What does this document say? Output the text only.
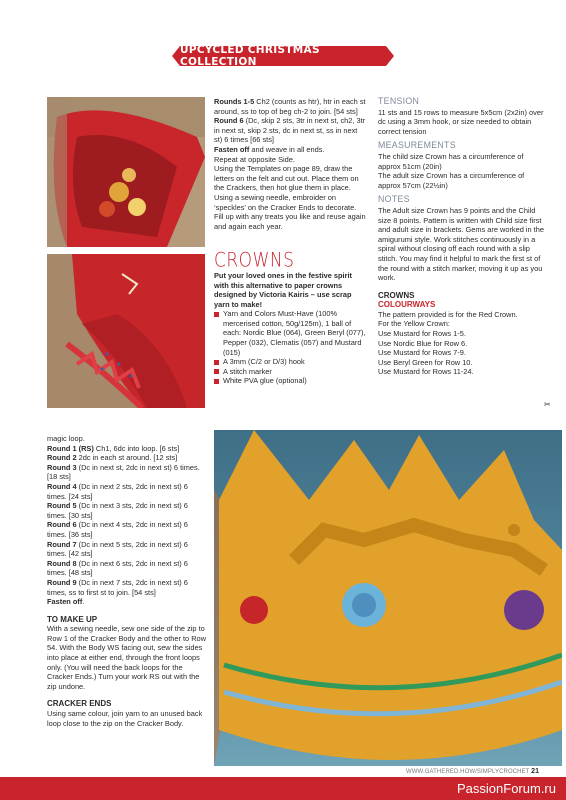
UPCYCLED CHRISTMAS COLLECTION

Rounds 1-5 Ch2 (counts as htr), htr in each st around, ss to top of beg ch-2 to join. [54 sts]

Round 6 (Dc, skip 2 sts, 3tr in next st, ch2, 3tr in next st, skip 2 sts, dc in next st, ss in next st) 6 times [66 sts]

Fasten off and weave in all ends.

Repeat at opposite Side.

Using the Templates on page 89, draw the letters on the felt and cut out. Place them on the Crackers, then hot glue them in place.

Using a sewing needle, embroider on ‘speckles’ on the Cracker Ends to decorate. Fill up with any treats you like and reuse again and again each year.

CROWNS

Put your loved ones in the festive spirit with this alternative to paper crowns designed by Victoria Kairis – use scrap yarn to make!

Yarn and Colors Must-Have (100% mercerised cotton, 50g/125m), 1 ball of each: Nordic Blue (064), Green Beryl (077), Pepper (032), Clematis (057) and Mustard (015)

A 3mm (C/2 or D/3) hook

A stitch marker

White PVA glue (optional)

TENSION

11 sts and 15 rows to measure 5x5cm (2x2in) over dc using a 3mm hook, or size needed to obtain correct tension

MEASUREMENTS

The child size Crown has a circumference of approx 51cm (20in)

The adult size Crown has a circumference of approx 57cm (22½in)

NOTES

The Adult size Crown has 9 points and the Child size 8 points. Pattern is written with Child size first and adult size in brackets. Gems are worked in the amigurumi style. Work stitches continuously in a spiral without closing off each round with a slip stitch. You may find it helpful to mark the first st of the round with a stitch marker, moving it up as you work.

CROWNS
COLOURWAYS

The pattern provided is for the Red Crown.

For the Yellow Crown:

Use Mustard for Rows 1-5.

Use Nordic Blue for Row 6.

Use Mustard for Rows 7-9.

Use Beryl Green for Row 10.

Use Mustard for Rows 11-24.

✂

magic loop.

Round 1 (RS) Ch1, 6dc into loop. [6 sts]

Round 2 2dc in each st around. [12 sts]

Round 3 (Dc in next st, 2dc in next st) 6 times. [18 sts]

Round 4 (Dc in next 2 sts, 2dc in next st) 6 times. [24 sts]

Round 5 (Dc in next 3 sts, 2dc in next st) 6 times. [30 sts]

Round 6 (Dc in next 4 sts, 2dc in next st) 6 times. [36 sts]

Round 7 (Dc in next 5 sts, 2dc in next st) 6 times. [42 sts]

Round 8 (Dc in next 6 sts, 2dc in next st) 6 times. [48 sts]

Round 9 (Dc in next 7 sts, 2dc in next st) 6 times, ss to first st to join. [54 sts]

Fasten off.

TO MAKE UP

With a sewing needle, sew one side of the zip to Row 1 of the Cracker Body and the other to Row 54. With the Body WS facing out, sew the sides into place at either end, through the front loops only. (You will need the back loops for the Cracker Ends.) Turn your work RS out with the zip undone.

CRACKER ENDS

Using same colour, join yarn to an unused back loop close to the zip on the Cracker Body.

WWW.GATHERED.HOW/SIMPLYCROCHET 21
PassionForum.ru
